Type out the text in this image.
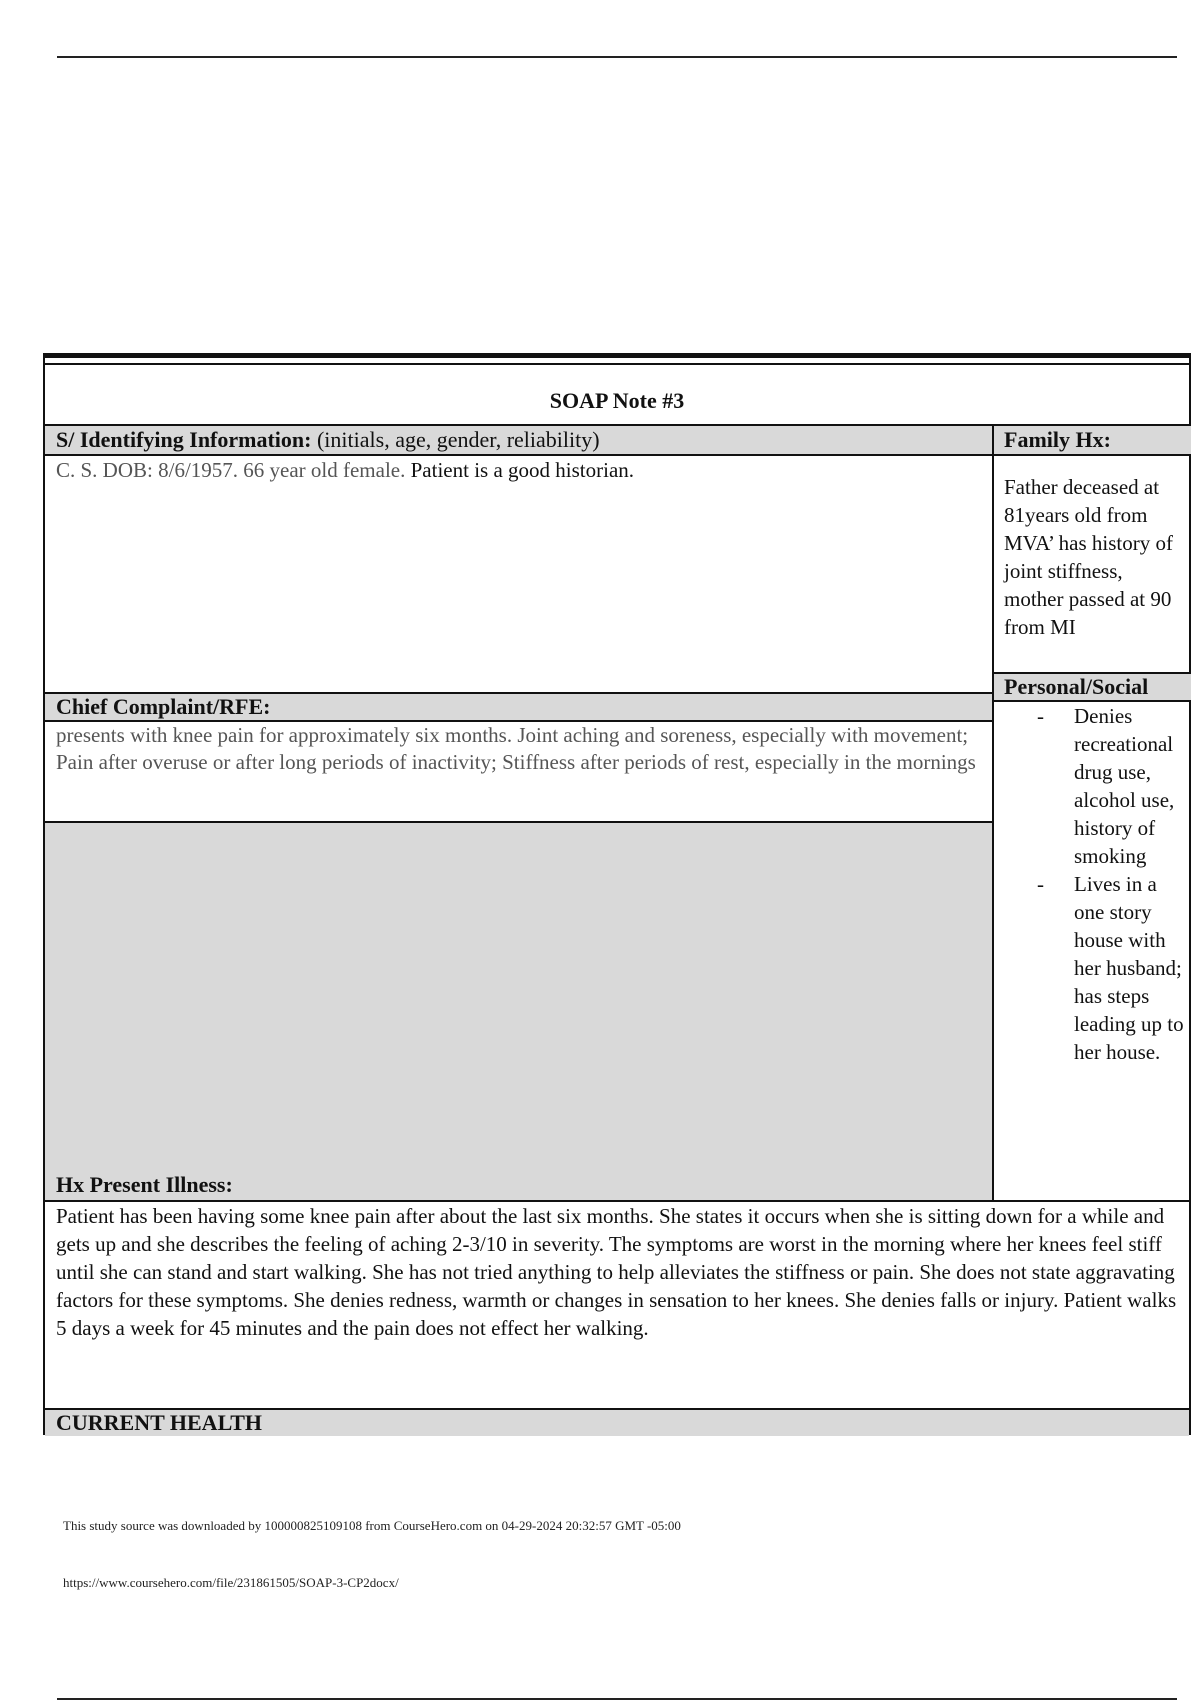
SOAP Note #3
S/ Identifying Information: (initials, age, gender, reliability)
C. S. DOB: 8/6/1957. 66 year old female. Patient is a good historian.
Family Hx:
Father deceased at 81years old from MVA’ has history of joint stiffness, mother passed at 90 from MI
Personal/Social
- Denies recreational drug use, alcohol use, history of smoking
- Lives in a one story house with her husband; has steps leading up to her house.
Chief Complaint/RFE:
presents with knee pain for approximately six months. Joint aching and soreness, especially with movement; Pain after overuse or after long periods of inactivity; Stiffness after periods of rest, especially in the mornings
Hx Present Illness:
Patient has been having some knee pain after about the last six months. She states it occurs when she is sitting down for a while and gets up and she describes the feeling of aching 2-3/10 in severity. The symptoms are worst in the morning where her knees feel stiff until she can stand and start walking. She has not tried anything to help alleviates the stiffness or pain. She does not state aggravating factors for these symptoms. She denies redness, warmth or changes in sensation to her knees. She denies falls or injury. Patient walks 5 days a week for 45 minutes and the pain does not effect her walking.
CURRENT HEALTH
This study source was downloaded by 100000825109108 from CourseHero.com on 04-29-2024 20:32:57 GMT -05:00
https://www.coursehero.com/file/231861505/SOAP-3-CP2docx/
